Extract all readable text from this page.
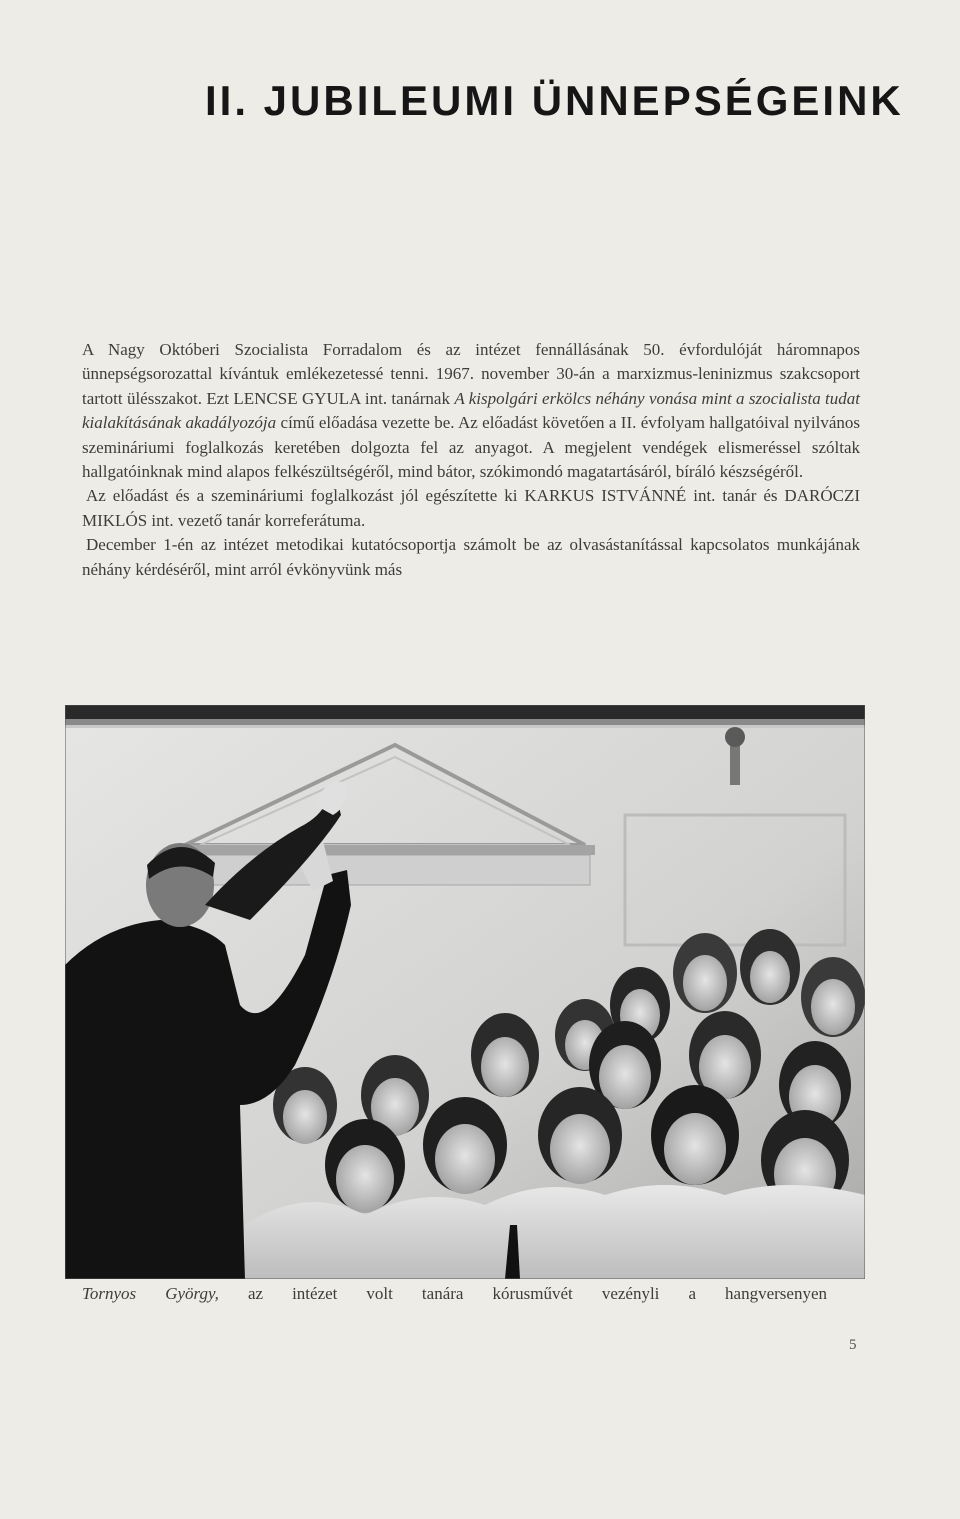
II. JUBILEUMI ÜNNEPSÉGEINK

A Nagy Októberi Szocialista Forradalom és az intézet fennállásának 50. évfordulóját háromnapos ünnepségsorozattal kívántuk emlékezetessé tenni. 1967. november 30-án a marxizmus-leninizmus szakcsoport tartott ülésszakot. Ezt LENCSE GYULA int. tanárnak A kispolgári erkölcs néhány vonása mint a szocialista tudat kialakításának akadályozója című előadása vezette be. Az előadást követően a II. évfolyam hallgatóival nyilvános szemináriumi foglalkozás keretében dolgozta fel az anyagot. A megjelent vendégek elismeréssel szóltak hallgatóinknak mind alapos felkészültségéről, mind bátor, szókimondó magatartásáról, bíráló készségéről.

Az előadást és a szemináriumi foglalkozást jól egészítette ki KARKUS ISTVÁNNÉ int. tanár és DARÓCZI MIKLÓS int. vezető tanár korreferátuma.

December 1-én az intézet metodikai kutatócsoportja számolt be az olvasástanítással kapcsolatos munkájának néhány kérdéséről, mint arról évkönyvünk más

Tornyos György, az intézet volt tanára kórusművét vezényli a hangversenyen
5
